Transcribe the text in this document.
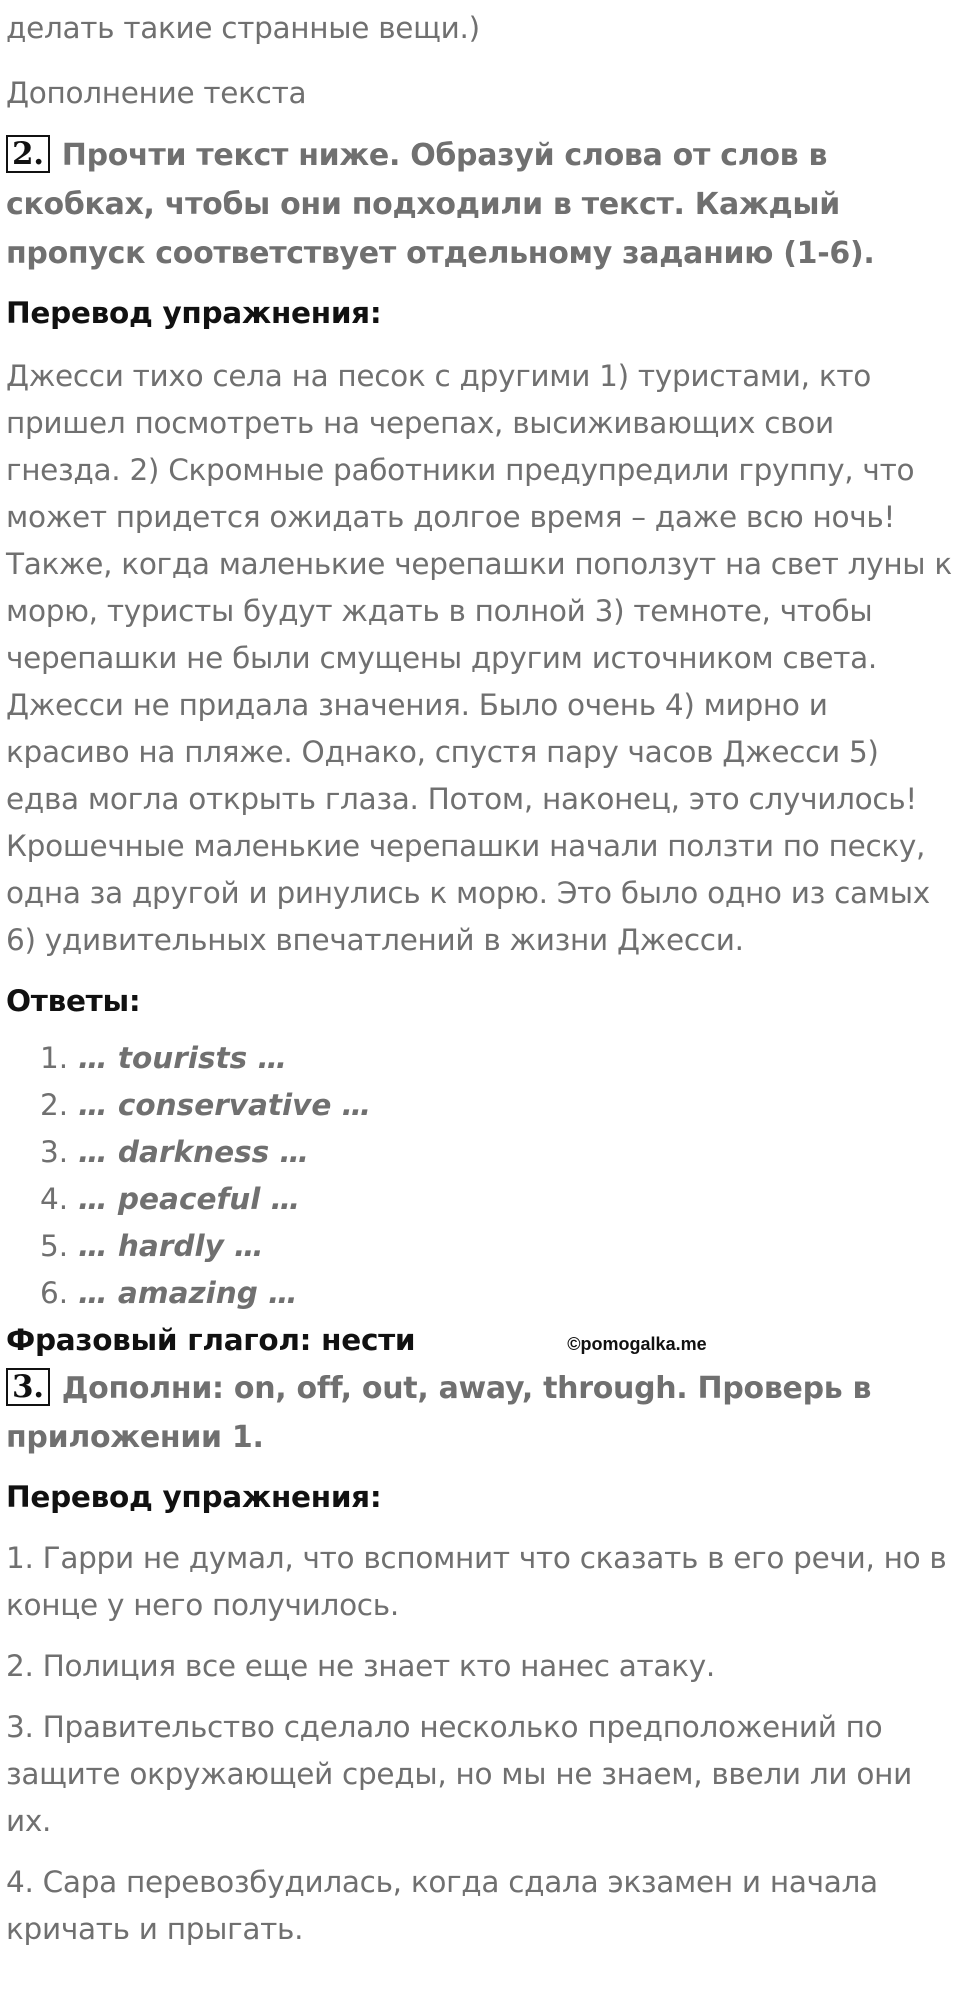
делать такие странные вещи.)

Дополнение текста

2. Прочти текст ниже. Образуй слова от слов в скобках, чтобы они подходили в текст. Каждый пропуск соответствует отдельному заданию (1-6).

Перевод упражнения:

Джесси тихо села на песок с другими 1) туристами, кто пришел посмотреть на черепах, высиживающих свои гнезда. 2) Скромные работники предупредили группу, что может придется ожидать долгое время – даже всю ночь! Также, когда маленькие черепашки поползут на свет луны к морю, туристы будут ждать в полной 3) темноте, чтобы черепашки не были смущены другим источником света. Джесси не придала значения. Было очень 4) мирно и красиво на пляже. Однако, спустя пару часов Джесси 5) едва могла открыть глаза. Потом, наконец, это случилось! Крошечные маленькие черепашки начали ползти по песку, одна за другой и ринулись к морю. Это было одно из самых 6) удивительных впечатлений в жизни Джесси.

Ответы:

1. … tourists …
2. … conservative …
3. … darkness …
4. … peaceful …
5. … hardly …
6. … amazing …

Фразовый глагол: нести	©pomogalka.me

3. Дополни: on, off, out, away, through. Проверь в приложении 1.

Перевод упражнения:

1. Гарри не думал, что вспомнит что сказать в его речи, но в конце у него получилось.

2. Полиция все еще не знает кто нанес атаку.

3. Правительство сделало несколько предположений по защите окружающей среды, но мы не знаем, ввели ли они их.

4. Сара перевозбудилась, когда сдала экзамен и начала кричать и прыгать.
